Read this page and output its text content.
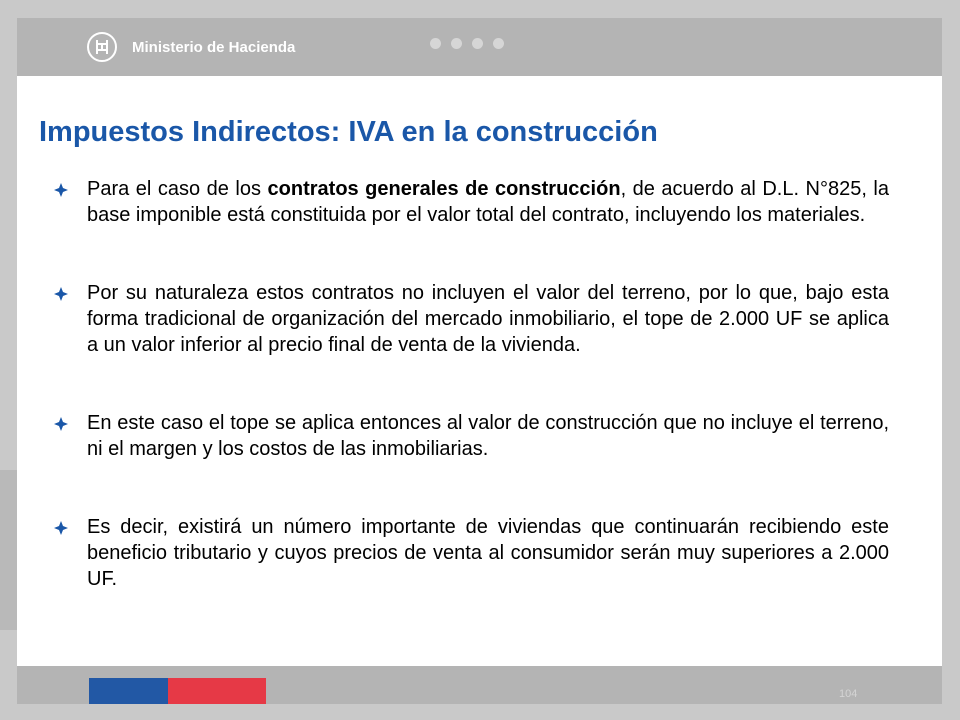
Ministerio de Hacienda
Impuestos Indirectos: IVA en la construcción

Para el caso de los contratos generales de construcción, de acuerdo al D.L. N°825, la base imponible está constituida por el valor total del contrato, incluyendo los materiales.

Por su naturaleza estos contratos no incluyen el valor del terreno, por lo que, bajo esta forma tradicional de organización del mercado inmobiliario, el tope de 2.000 UF se aplica a un valor inferior al precio final de venta de la vivienda.

En este caso el tope se aplica entonces al valor de construcción que no incluye el terreno, ni el margen y los costos de las inmobiliarias.

Es decir, existirá un número importante de viviendas que continuarán recibiendo este beneficio tributario y cuyos precios de venta al consumidor serán muy superiores a 2.000 UF.

104
